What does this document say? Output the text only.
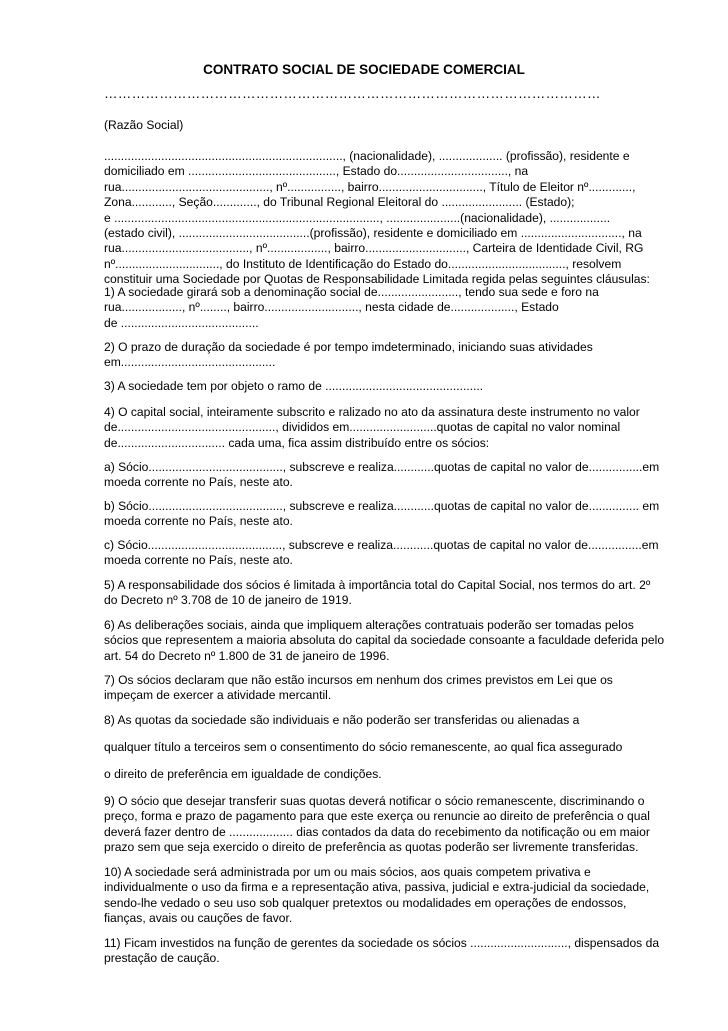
CONTRATO SOCIAL DE SOCIEDADE COMERCIAL
………………………………………………………………………………………………
(Razão Social)
......................................................................., (nacionalidade), ................... (profissão), residente e
domiciliado em ............................................, Estado do................................., na
rua............................................, nº................, bairro..............................., Título de Eleitor nº.............,
Zona............, Seção............., do Tribunal Regional Eleitoral do ........................ (Estado);
e ..............................................................................., ......................(nacionalidade), ..................
(estado civil), .......................................(profissão), residente e domiciliado em .............................., na
rua......................................, nº.................., bairro.............................., Carteira de Identidade Civil, RG
nº..............................., do Instituto de Identificação do Estado do..................................., resolvem
constituir uma Sociedade por Quotas de Responsabilidade Limitada regida pelas seguintes cláusulas:
1) A sociedade girará sob a denominação social de........................, tendo sua sede e foro na
rua.................., nº........, bairro............................, nesta cidade de..................., Estado
de .........................................
2) O prazo de duração da sociedade é por tempo imdeterminado, iniciando suas atividades
em..............................................
3) A sociedade tem por objeto o ramo de ...............................................
4) O capital social, inteiramente subscrito e ralizado no ato da assinatura deste instrumento no valor
de..............................................., divididos em..........................quotas de capital no valor nominal
de................................ cada uma, fica assim distribuído entre os sócios:
a) Sócio........................................, subscreve e realiza............quotas de capital no valor de................em
moeda corrente no País, neste ato.
b) Sócio........................................, subscreve e realiza............quotas de capital no valor de............... em
moeda corrente no País, neste ato.
c) Sócio........................................, subscreve e realiza............quotas de capital no valor de................em
moeda corrente no País, neste ato.
5) A responsabilidade dos sócios é limitada à importância total do Capital Social, nos termos do art. 2º
do Decreto nº 3.708 de 10 de janeiro de 1919.
6) As deliberações sociais, ainda que impliquem alterações contratuais poderão ser tomadas pelos
sócios que representem a maioria absoluta do capital da sociedade consoante a faculdade deferida pelo
art. 54 do Decreto nº 1.800 de 31 de janeiro de 1996.
7) Os sócios declaram que não estão incursos em nenhum dos crimes previstos em Lei que os
impeçam de exercer a atividade mercantil.
8) As quotas da sociedade são individuais e não poderão ser transferidas ou alienadas a
qualquer título a terceiros sem o consentimento do sócio remanescente, ao qual fica assegurado
o direito de preferência em igualdade de condições.
9) O sócio que desejar transferir suas quotas deverá notificar o sócio remanescente, discriminando o
preço, forma e prazo de pagamento para que este exerça ou renuncie ao direito de preferência o qual
deverá fazer dentro de ................... dias contados da data do recebimento da notificação ou em maior
prazo sem que seja exercido o direito de preferência as quotas poderão ser livremente transferidas.
10) A sociedade será administrada por um ou mais sócios, aos quais competem privativa e
individualmente o uso da firma e a representação ativa, passiva, judicial e extra-judicial da sociedade,
sendo-lhe vedado o seu uso sob qualquer pretextos ou modalidades em operações de endossos,
fianças, avais ou cauções de favor.
11) Ficam investidos na função de gerentes da sociedade os sócios ............................., dispensados da
prestação de caução.
